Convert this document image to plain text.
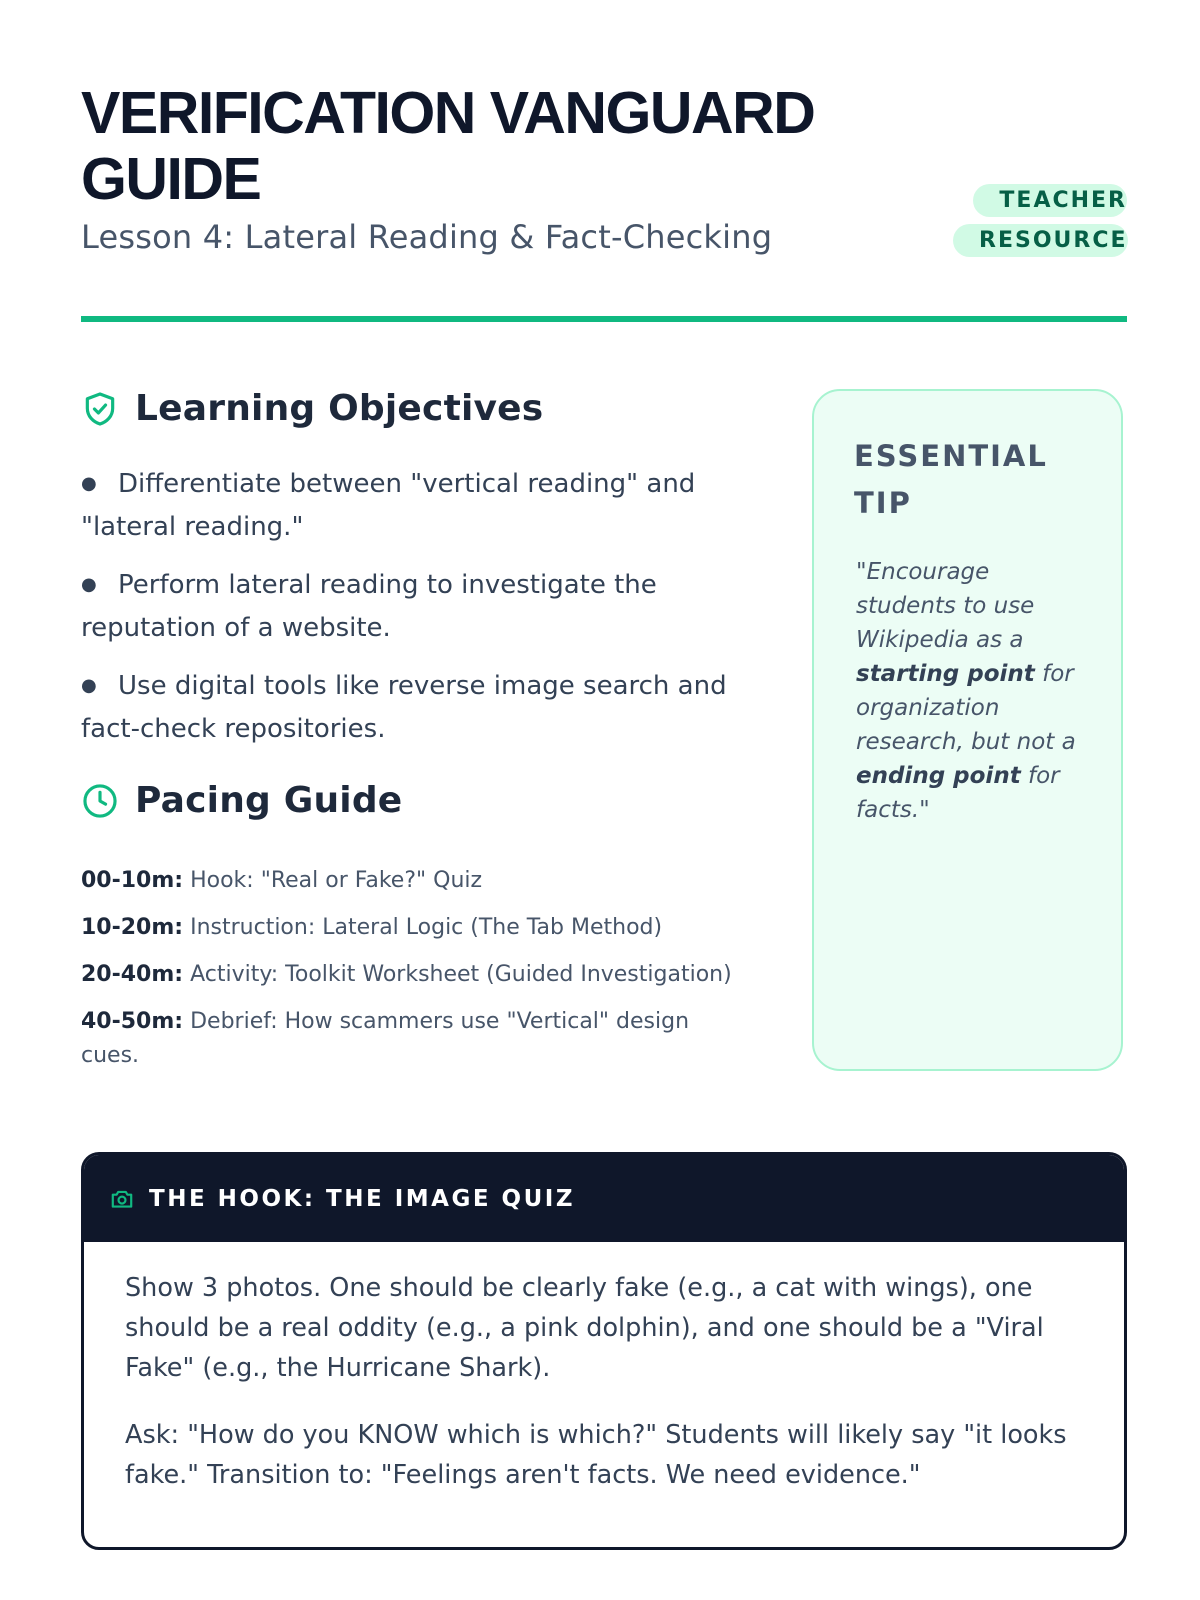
VERIFICATION VANGUARD GUIDE
Lesson 4: Lateral Reading & Fact-Checking
TEACHER RESOURCE
Learning Objectives
● Differentiate between "vertical reading" and "lateral reading."
● Perform lateral reading to investigate the reputation of a website.
● Use digital tools like reverse image search and fact-check repositories.
Pacing Guide
00-10m: Hook: "Real or Fake?" Quiz
10-20m: Instruction: Lateral Logic (The Tab Method)
20-40m: Activity: Toolkit Worksheet (Guided Investigation)
40-50m: Debrief: How scammers use "Vertical" design cues.
ESSENTIAL TIP
"Encourage students to use Wikipedia as a starting point for organization research, but not a ending point for facts."
THE HOOK: THE IMAGE QUIZ

Show 3 photos. One should be clearly fake (e.g., a cat with wings), one should be a real oddity (e.g., a pink dolphin), and one should be a "Viral Fake" (e.g., the Hurricane Shark).

Ask: "How do you KNOW which is which?" Students will likely say "it looks fake." Transition to: "Feelings aren't facts. We need evidence."
